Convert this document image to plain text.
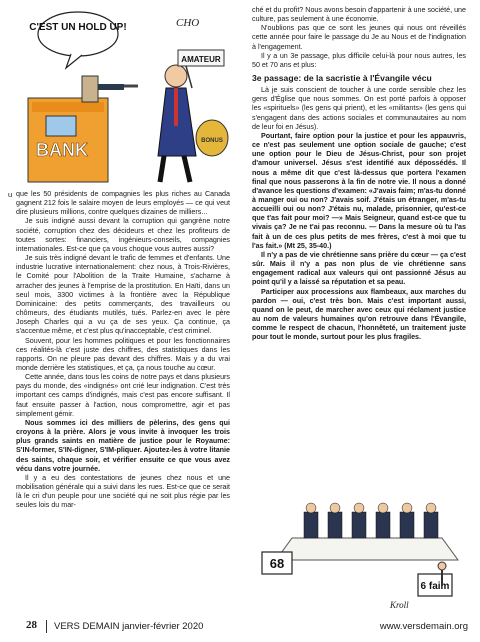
C'EST UN HOLD UP!
BANK
AMATEUR
BONUS
CHO
u que les 50 présidents de compagnies les plus riches au Canada gagnent 212 fois le salaire moyen de leurs employés — ce qui veut dire plusieurs millions, contre quelques dizaines de milliers...

Je suis indigné aussi devant la corruption qui gangrène notre société, corruption chez des décideurs et chez les profiteurs de toutes sortes: financiers, ingénieurs-conseils, compagnies internationales. Est-ce que ça vous choque vous autres aussi?

Je suis très indigné devant le trafic de femmes et d'enfants. Une industrie lucrative internationalement: chez nous, à Trois-Rivières, le Comité pour l'Abolition de la Traite Humaine, s'acharne à arracher des jeunes à l'emprise de la prostitution. En Haïti, dans un seul mois, 3300 victimes à la frontière avec la République Dominicaine: des petits commerçants, des travailleurs ou chômeurs, des étudiants mutilés, tués. Parlez-en avec le père Joseph Charles qui a vu ça de ses yeux. Ça continue, ça s'accentue même, et c'est plus qu'inacceptable, c'est criminel.

Souvent, pour les hommes politiques et pour les fonctionnaires ces réalités-là c'est juste des chiffres, des statistiques dans les rapports. On ne pleure pas devant des chiffres. Mais y a du vrai monde derrière les statistiques, et ça, ça nous touche au cœur.

Cette année, dans tous les coins de notre pays et dans plusieurs pays du monde, des «indignés» ont crié leur indignation. C'est très important ces camps d'indignés, mais c'est pas encore suffisant. Il faut ensuite passer à l'action, nous compromettre, agir et pas simplement gémir.

Nous sommes ici des milliers de pèlerins, des gens qui croyons à la prière. Alors je vous invite à invoquer les trois plus grands saints en matière de justice pour le Royaume: S'IN-former, S'IN-digner, S'IM-pliquer. Ajoutez-les à votre litanie des saints, chaque soir, et vérifier ensuite ce que vous avez vécu dans votre journée.

Il y a eu des contestations de jeunes chez nous et une mobilisation générale qui a suivi dans les rues. Est-ce que ce serait là le cri d'un peuple pour une société qui ne soit plus régie par les seules lois du mar-

ché et du profit? Nous avons besoin d'appartenir à une société, une culture, pas seulement à une économie.

N'oublions pas que ce sont les jeunes qui nous ont réveillés cette année pour faire le passage du Je au Nous et de l'indignation à l'engagement.

Il y a un 3e passage, plus difficile celui-là pour nous autres, les 50 et 70 ans et plus:

3e passage: de la sacristie à l'Évangile vécu

Là je suis conscient de toucher à une corde sensible chez les gens d'Église que nous sommes. On est porté parfois à opposer les «spirituels» (les gens qui prient), et les «militants» (les gens qui s'engagent dans des actions sociales et communautaires au nom de leur foi en Jésus).

Pourtant, faire option pour la justice et pour les appauvris, ce n'est pas seulement une option sociale de gauche; c'est une option pour le Dieu de Jésus-Christ, pour son projet d'amour universel. Jésus s'est identifié aux dépossédés. Il nous a même dit que c'est là-dessus que portera l'examen final que nous passerons à la fin de notre vie. Il nous a donné d'avance les questions d'examen: «J'avais faim; m'as-tu donné à manger oui ou non? J'avais soif. J'étais un étranger, m'as-tu accueilli oui ou non? J'étais nu, malade, prisonnier, qu'est-ce que t'as fait pour moi? —» Mais Seigneur, quand est-ce que tu vivais ça? Je ne t'ai pas reconnu. — Dans la mesure où tu l'as fait à un de ces plus petits de mes frères, c'est à moi que tu l'as fait.» (Mt 25, 35-40.)

Il n'y a pas de vie chrétienne sans prière du cœur — ça c'est sûr. Mais il n'y a pas non plus de vie chrétienne sans engagement radical aux valeurs qui ont passionné Jésus au point qu'il y a laissé sa réputation et sa peau.

Participer aux processions aux flambeaux, aux marches du pardon — oui, c'est très bon. Mais c'est important aussi, quand on le peut, de marcher avec ceux qui réclament justice au nom de valeurs humaines qu'on retrouve dans l'Évangile, comme le respect de chacun, l'honnêteté, un traitement juste pour tout le monde, surtout pour les plus fragiles.

68
6 faim
Kroll
28 VERS DEMAIN janvier-février 2020	www.versdemain.org
